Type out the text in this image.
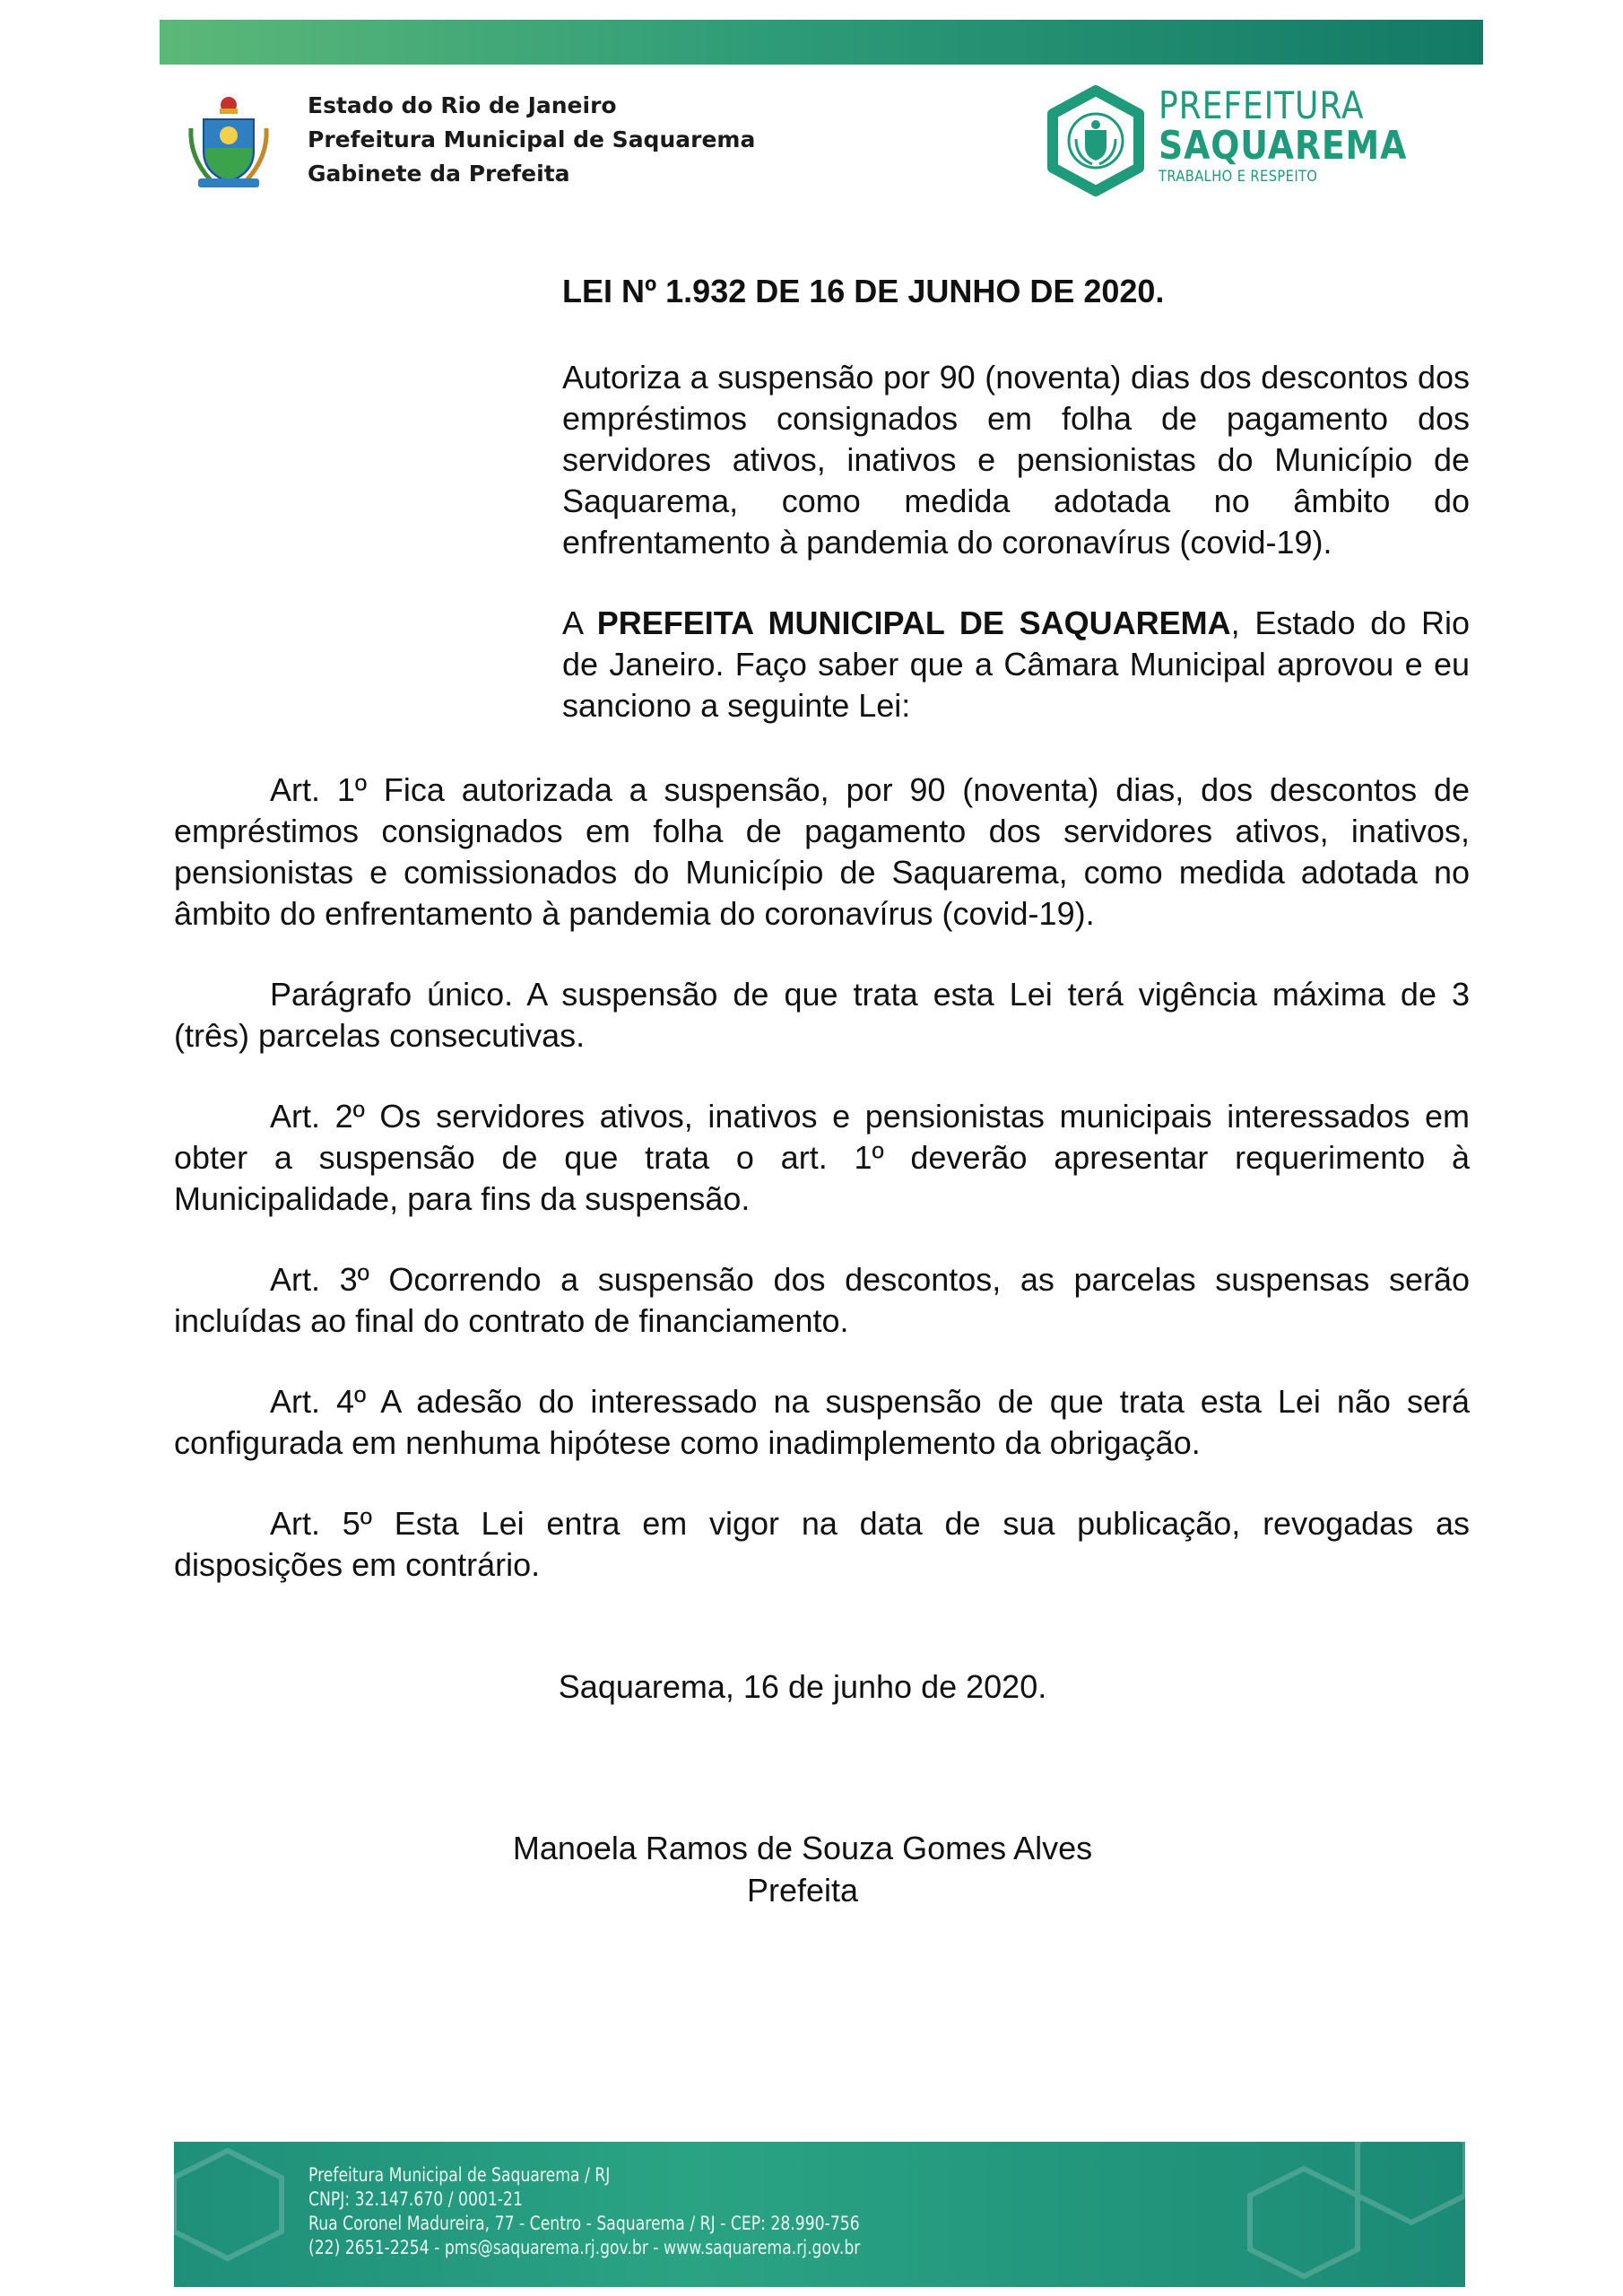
Estado do Rio de Janeiro
Prefeitura Municipal de Saquarema
Gabinete da Prefeita
PREFEITURA
SAQUAREMA
TRABALHO E RESPEITO
LEI Nº 1.932 DE 16 DE JUNHO DE 2020.

Autoriza a suspensão por 90 (noventa) dias dos descontos dos empréstimos consignados em folha de pagamento dos servidores ativos, inativos e pensionistas do Município de Saquarema, como medida adotada no âmbito do enfrentamento à pandemia do coronavírus (covid-19).

A PREFEITA MUNICIPAL DE SAQUAREMA, Estado do Rio de Janeiro. Faço saber que a Câmara Municipal aprovou e eu sanciono a seguinte Lei:

Art. 1º Fica autorizada a suspensão, por 90 (noventa) dias, dos descontos de empréstimos consignados em folha de pagamento dos servidores ativos, inativos, pensionistas e comissionados do Município de Saquarema, como medida adotada no âmbito do enfrentamento à pandemia do coronavírus (covid-19).

Parágrafo único. A suspensão de que trata esta Lei terá vigência máxima de 3 (três) parcelas consecutivas.

Art. 2º Os servidores ativos, inativos e pensionistas municipais interessados em obter a suspensão de que trata o art. 1º deverão apresentar requerimento à Municipalidade, para fins da suspensão.

Art. 3º Ocorrendo a suspensão dos descontos, as parcelas suspensas serão incluídas ao final do contrato de financiamento.

Art. 4º A adesão do interessado na suspensão de que trata esta Lei não será configurada em nenhuma hipótese como inadimplemento da obrigação.

Art. 5º Esta Lei entra em vigor na data de sua publicação, revogadas as disposições em contrário.

Saquarema, 16 de junho de 2020.
Manoela Ramos de Souza Gomes Alves
Prefeita
Prefeitura Municipal de Saquarema / RJ
CNPJ: 32.147.670 / 0001-21
Rua Coronel Madureira, 77 - Centro - Saquarema / RJ - CEP: 28.990-756
(22) 2651-2254 - pms@saquarema.rj.gov.br - www.saquarema.rj.gov.br
